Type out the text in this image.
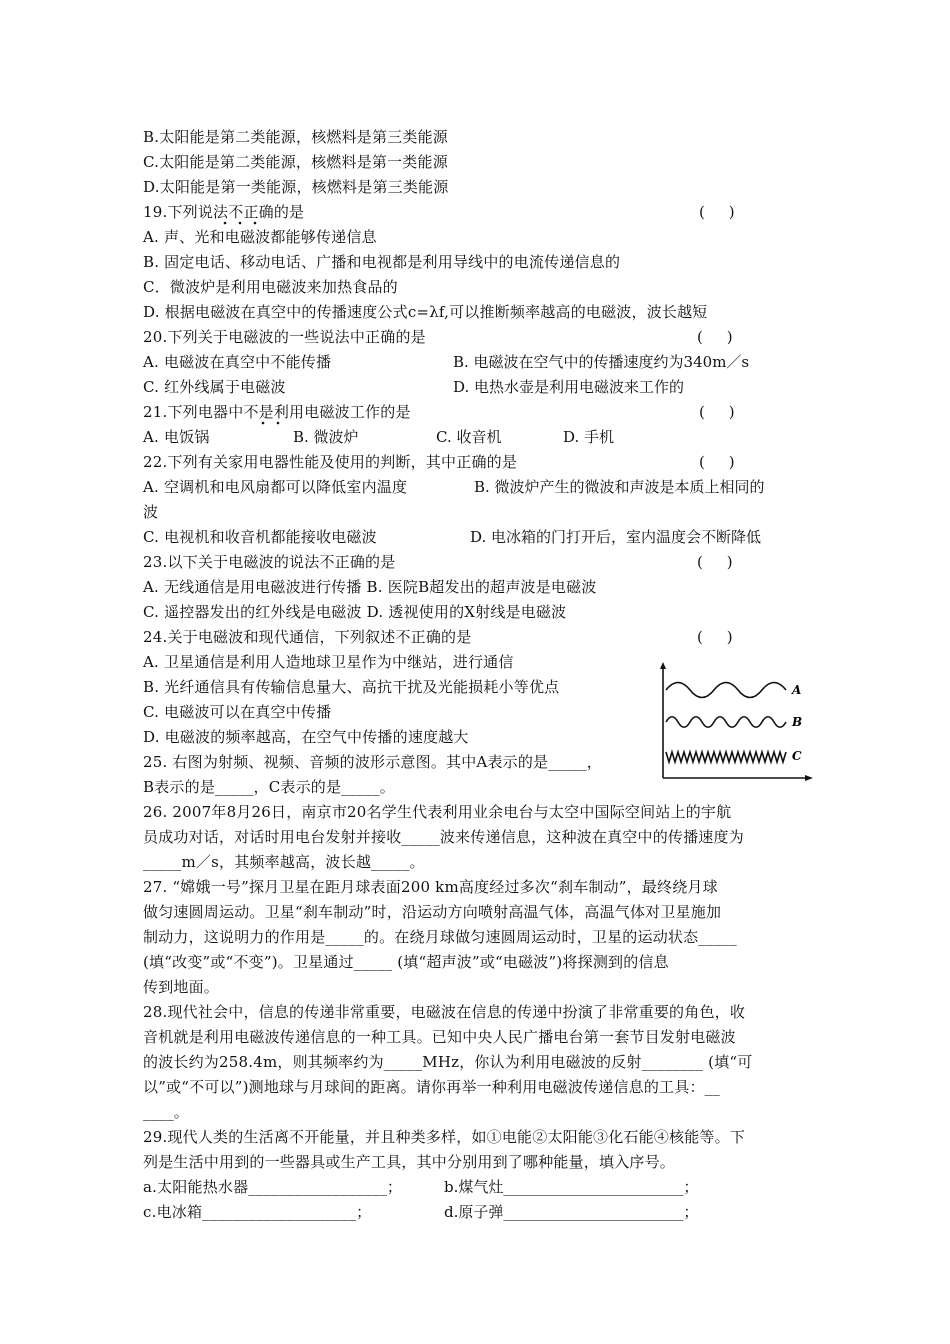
B.太阳能是第二类能源，核燃料是第三类能源
C.太阳能是第二类能源，核燃料是第一类能源
D.太阳能是第一类能源，核燃料是第三类能源
19.下列说法不正确的是	(     )
A. 声、光和电磁波都能够传递信息
B. 固定电话、移动电话、广播和电视都是利用导线中的电流传递信息的
C．微波炉是利用电磁波来加热食品的
D. 根据电磁波在真空中的传播速度公式c=λf,可以推断频率越高的电磁波，波长越短
20.下列关于电磁波的一些说法中正确的是	(     )
A. 电磁波在真空中不能传播	B. 电磁波在空气中的传播速度约为340m／s
C. 红外线属于电磁波	D. 电热水壶是利用电磁波来工作的
21.下列电器中不是利用电磁波工作的是	(     )
A. 电饭锅	B. 微波炉	C. 收音机	D. 手机
22.下列有关家用电器性能及使用的判断，其中正确的是	(     )
A. 空调机和电风扇都可以降低室内温度	B. 微波炉产生的微波和声波是本质上相同的
波
C. 电视机和收音机都能接收电磁波	D. 电冰箱的门打开后，室内温度会不断降低
23.以下关于电磁波的说法不正确的是	(     )
A. 无线通信是用电磁波进行传播 B. 医院B超发出的超声波是电磁波
C. 遥控器发出的红外线是电磁波 D. 透视使用的X射线是电磁波
24.关于电磁波和现代通信，下列叙述不正确的是	(     )
A. 卫星通信是利用人造地球卫星作为中继站，进行通信
B. 光纤通信具有传输信息量大、高抗干扰及光能损耗小等优点
C. 电磁波可以在真空中传播
D. 电磁波的频率越高，在空气中传播的速度越大
25. 右图为射频、视频、音频的波形示意图。其中A表示的是_____，
B表示的是_____，C表示的是_____。
26. 2007年8月26日，南京市20名学生代表利用业余电台与太空中国际空间站上的宇航
员成功对话，对话时用电台发射并接收_____波来传递信息，这种波在真空中的传播速度为
_____m／s，其频率越高，波长越_____。
27. “嫦娥一号”探月卫星在距月球表面200 km高度经过多次“刹车制动”，最终绕月球
做匀速圆周运动。卫星“刹车制动”时，沿运动方向喷射高温气体，高温气体对卫星施加
制动力，这说明力的作用是_____的。在绕月球做匀速圆周运动时，卫星的运动状态_____
(填“改变”或“不变”)。卫星通过_____ (填“超声波”或“电磁波”)将探测到的信息
传到地面。
28.现代社会中，信息的传递非常重要，电磁波在信息的传递中扮演了非常重要的角色，收
音机就是利用电磁波传递信息的一种工具。已知中央人民广播电台第一套节目发射电磁波
的波长约为258.4m，则其频率约为_____MHz，你认为利用电磁波的反射________ (填“可
以”或“不可以”)测地球与月球间的距离。请你再举一种利用电磁波传递信息的工具：__
____。
29.现代人类的生活离不开能量，并且种类多样，如①电能②太阳能③化石能④核能等。下
列是生活中用到的一些器具或生产工具，其中分别用到了哪种能量，填入序号。
a.太阳能热水器__________________；	b.煤气灶________________________；
c.电冰箱____________________；	d.原子弹________________________；
A
B
C
